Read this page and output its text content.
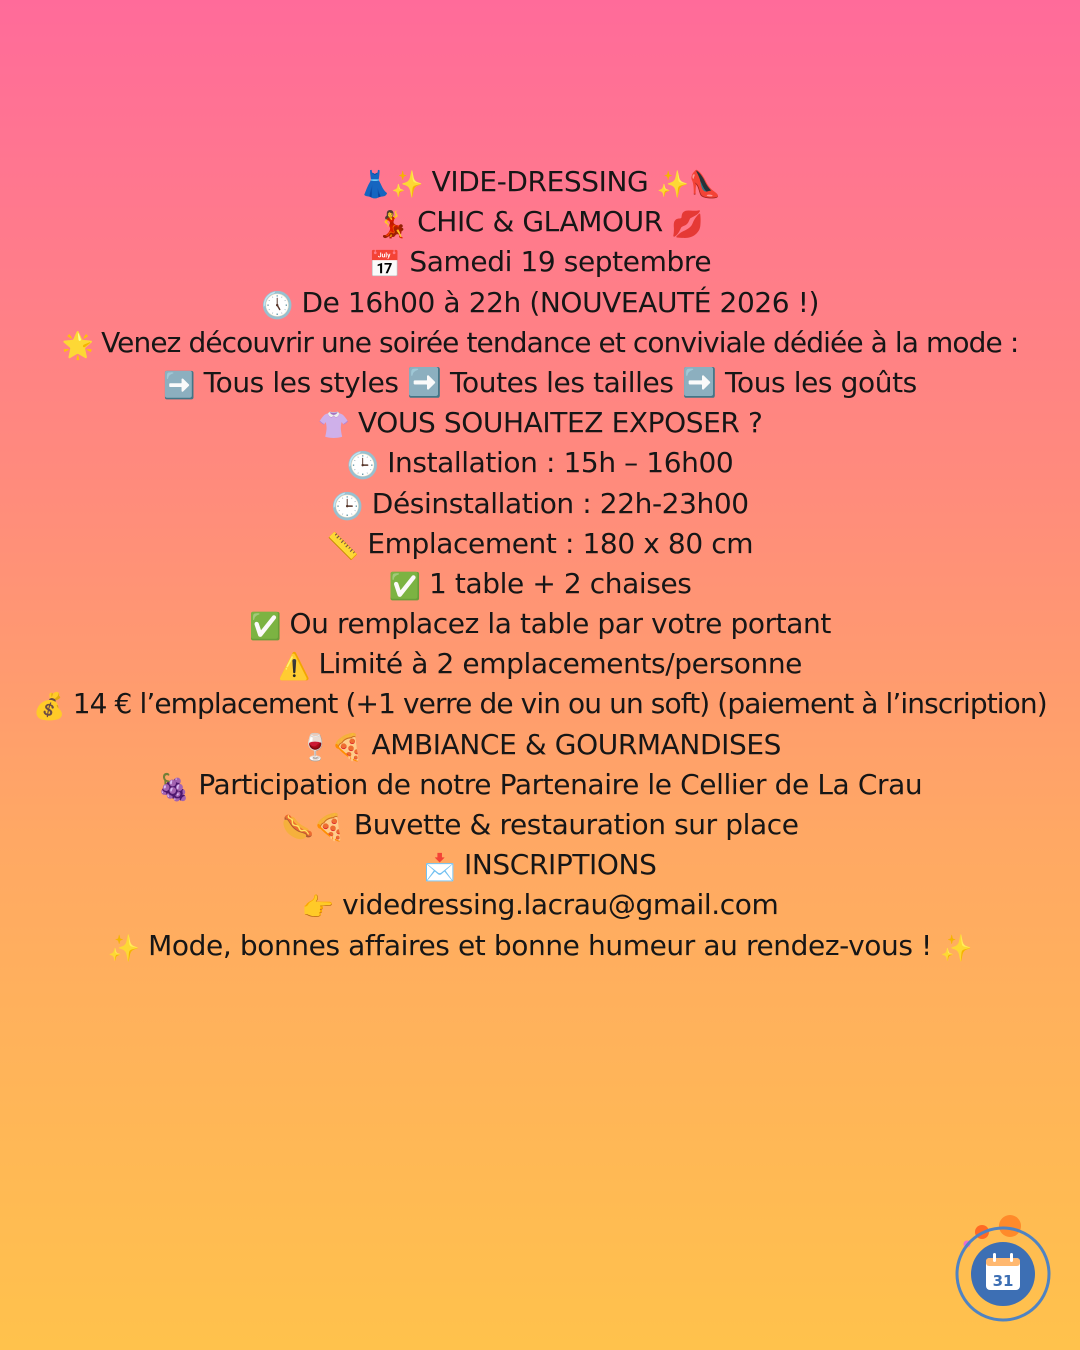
👗✨ VIDE-DRESSING ✨👠
💃 CHIC & GLAMOUR 💋
📅 Samedi 19 septembre
🕔 De 16h00 à 22h (NOUVEAUTÉ 2026 !)
🌟 Venez découvrir une soirée tendance et conviviale dédiée à la mode :
➡️ Tous les styles ➡️ Toutes les tailles ➡️ Tous les goûts
👚 VOUS SOUHAITEZ EXPOSER ?
🕒 Installation : 15h – 16h00
🕒 Désinstallation : 22h-23h00
📏 Emplacement : 180 x 80 cm
✅ 1 table + 2 chaises
✅ Ou remplacez la table par votre portant
⚠️ Limité à 2 emplacements/personne
💰 14 € l’emplacement (+1 verre de vin ou un soft) (paiement à l’inscription)
🍷🍕 AMBIANCE & GOURMANDISES
🍇 Participation de notre Partenaire le Cellier de La Crau
🌭🍕 Buvette & restauration sur place
📩 INSCRIPTIONS
👉 videdressing.lacrau@gmail.com
✨ Mode, bonnes affaires et bonne humeur au rendez-vous ! ✨
31
